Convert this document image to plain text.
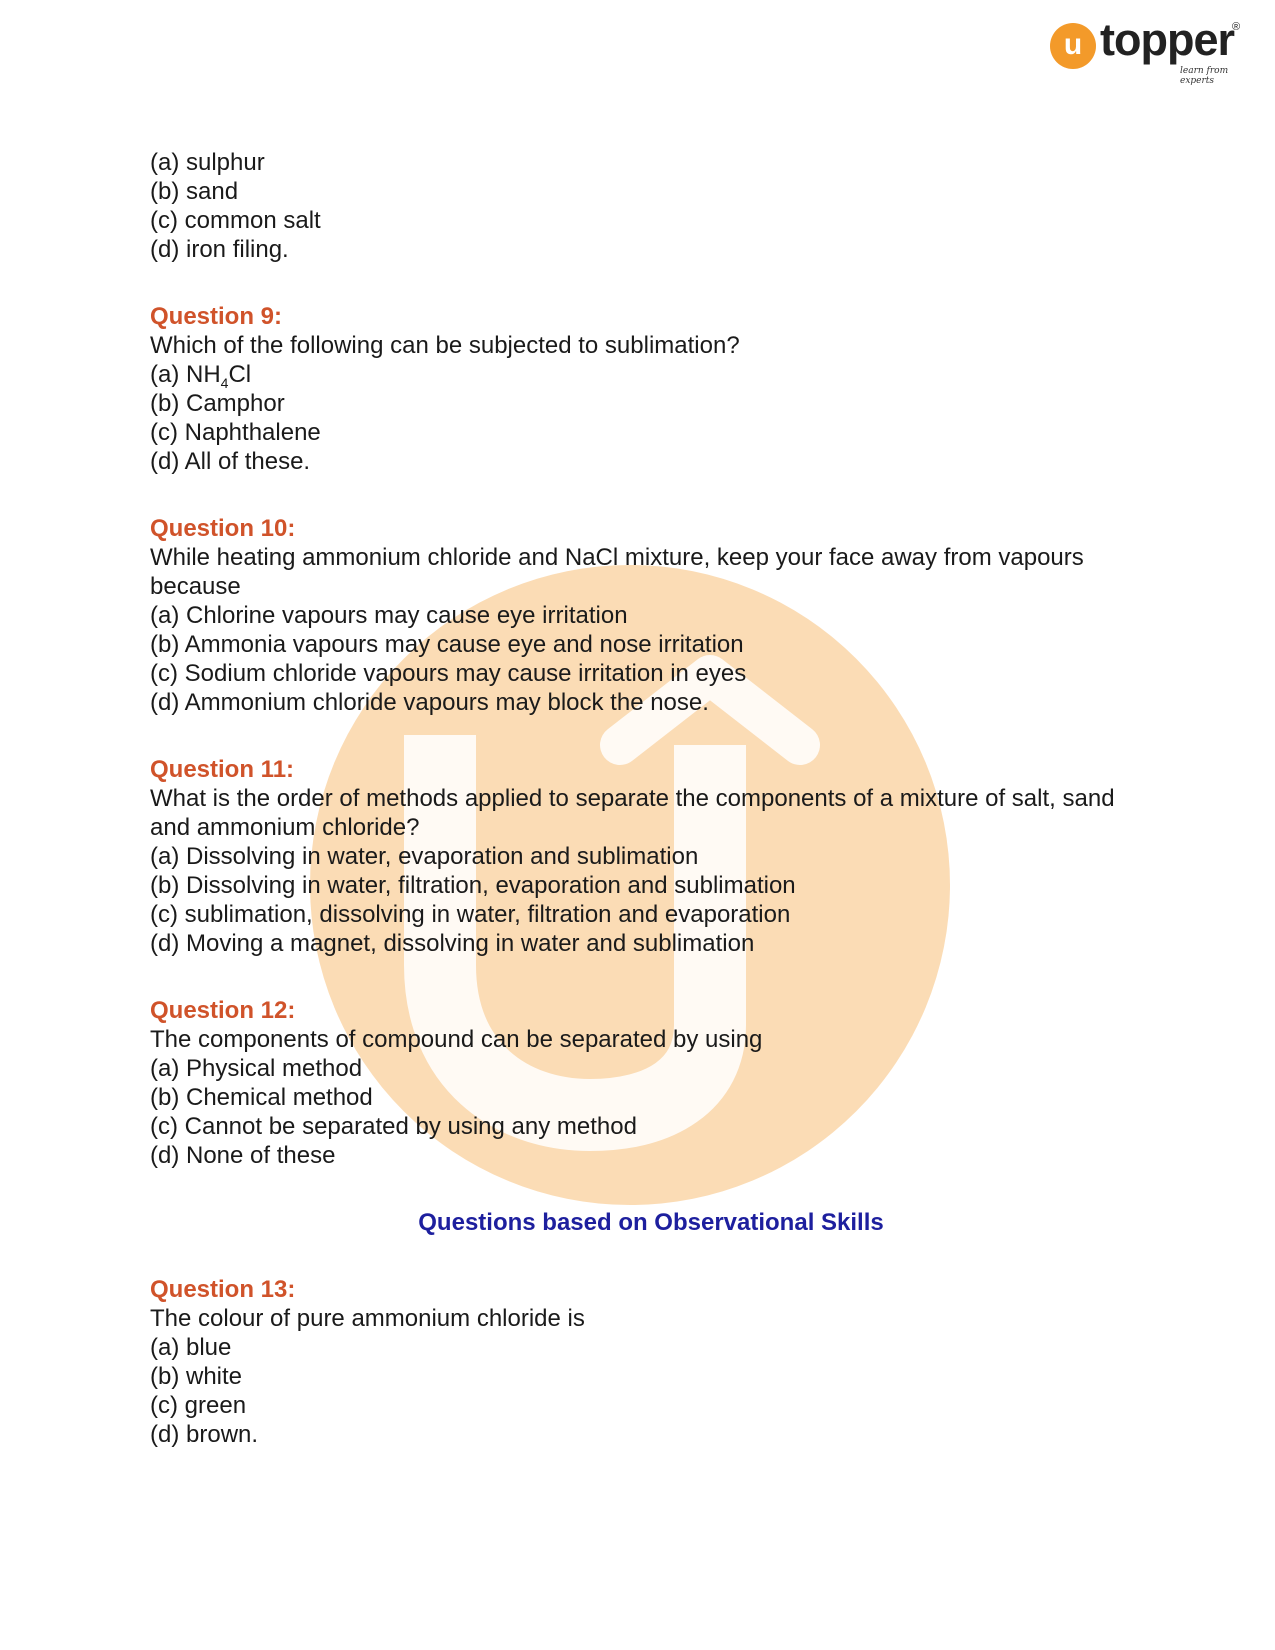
u topper
®
learn from experts

(a) sulphur

(b) sand

(c) common salt

(d) iron filing.

Question 9:

Which of the following can be subjected to sublimation?

(a) $NH_4Cl$

(b) Camphor

(c) Naphthalene

(d) All of these.

Question 10:

While heating ammonium chloride and NaCl mixture, keep your face away from vapours because

(a) Chlorine vapours may cause eye irritation

(b) Ammonia vapours may cause eye and nose irritation

(c) Sodium chloride vapours may cause irritation in eyes

(d) Ammonium chloride vapours may block the nose.

Question 11:

What is the order of methods applied to separate the components of a mixture of salt, sand and ammonium chloride?

(a) Dissolving in water, evaporation and sublimation

(b) Dissolving in water, filtration, evaporation and sublimation

(c) sublimation, dissolving in water, filtration and evaporation

(d) Moving a magnet, dissolving in water and sublimation

Question 12:

The components of compound can be separated by using

(a) Physical method

(b) Chemical method

(c) Cannot be separated by using any method

(d) None of these

Questions based on Observational Skills

Question 13:

The colour of pure ammonium chloride is

(a) blue

(b) white

(c) green

(d) brown.
